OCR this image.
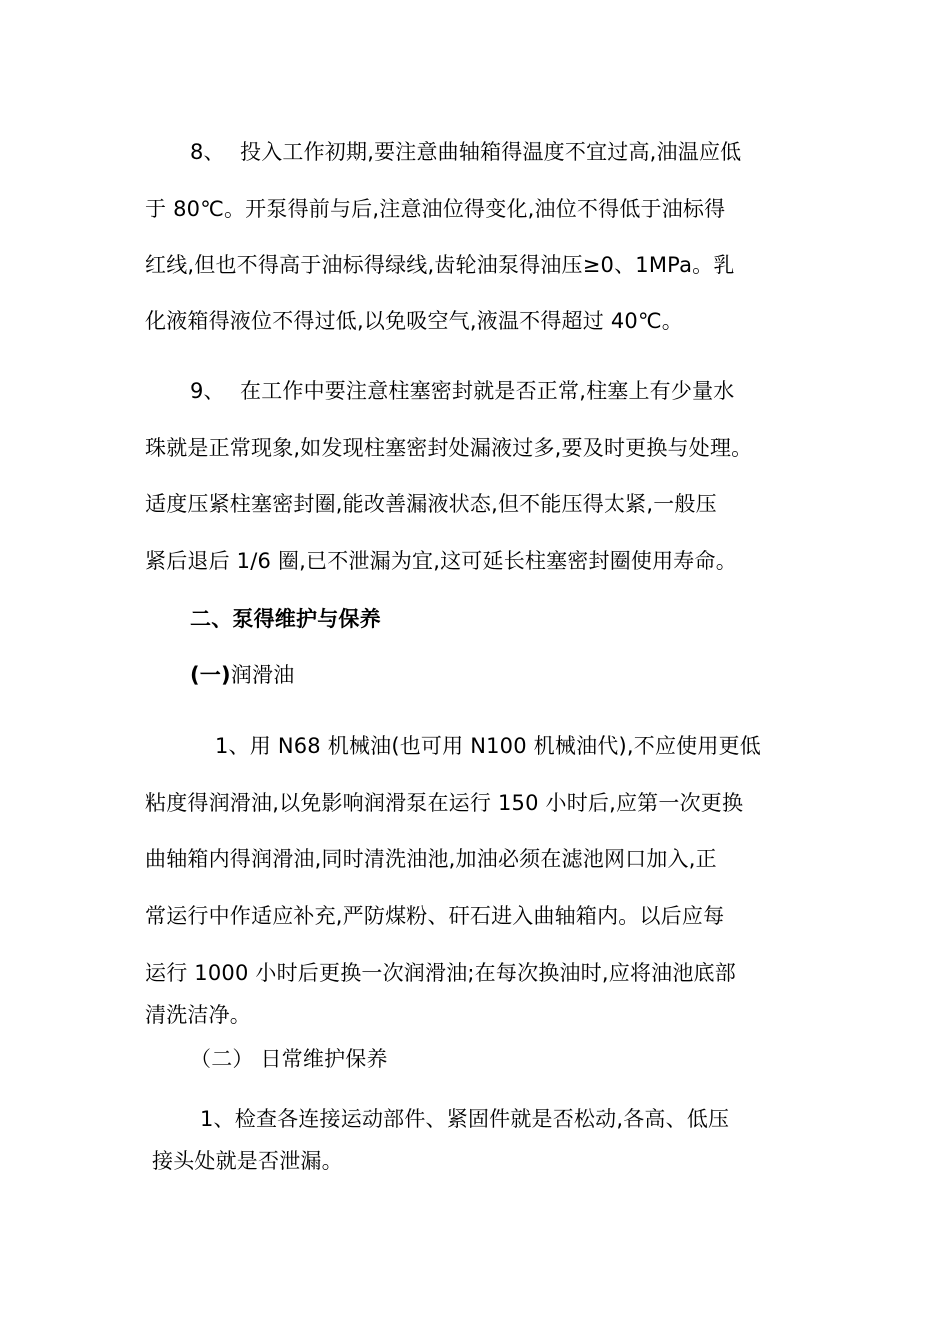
8、 投入工作初期,要注意曲轴箱得温度不宜过高,油温应低
于 80℃。开泵得前与后,注意油位得变化,油位不得低于油标得
红线,但也不得高于油标得绿线,齿轮油泵得油压≥0、1MPa。乳
化液箱得液位不得过低,以免吸空气,液温不得超过 40℃。
9、 在工作中要注意柱塞密封就是否正常,柱塞上有少量水
珠就是正常现象,如发现柱塞密封处漏液过多,要及时更换与处理。
适度压紧柱塞密封圈,能改善漏液状态,但不能压得太紧,一般压
紧后退后 1/6 圈,已不泄漏为宜,这可延长柱塞密封圈使用寿命。
二、泵得维护与保养
(一)润滑油
1、用 N68 机械油(也可用 N100 机械油代),不应使用更低
粘度得润滑油,以免影响润滑泵在运行 150 小时后,应第一次更换
曲轴箱内得润滑油,同时清洗油池,加油必须在滤池网口加入,正
常运行中作适应补充,严防煤粉、矸石进入曲轴箱内。以后应每
运行 1000 小时后更换一次润滑油;在每次换油时,应将油池底部
清洗洁净。
（二） 日常维护保养
1、检查各连接运动部件、紧固件就是否松动,各高、低压
接头处就是否泄漏。
